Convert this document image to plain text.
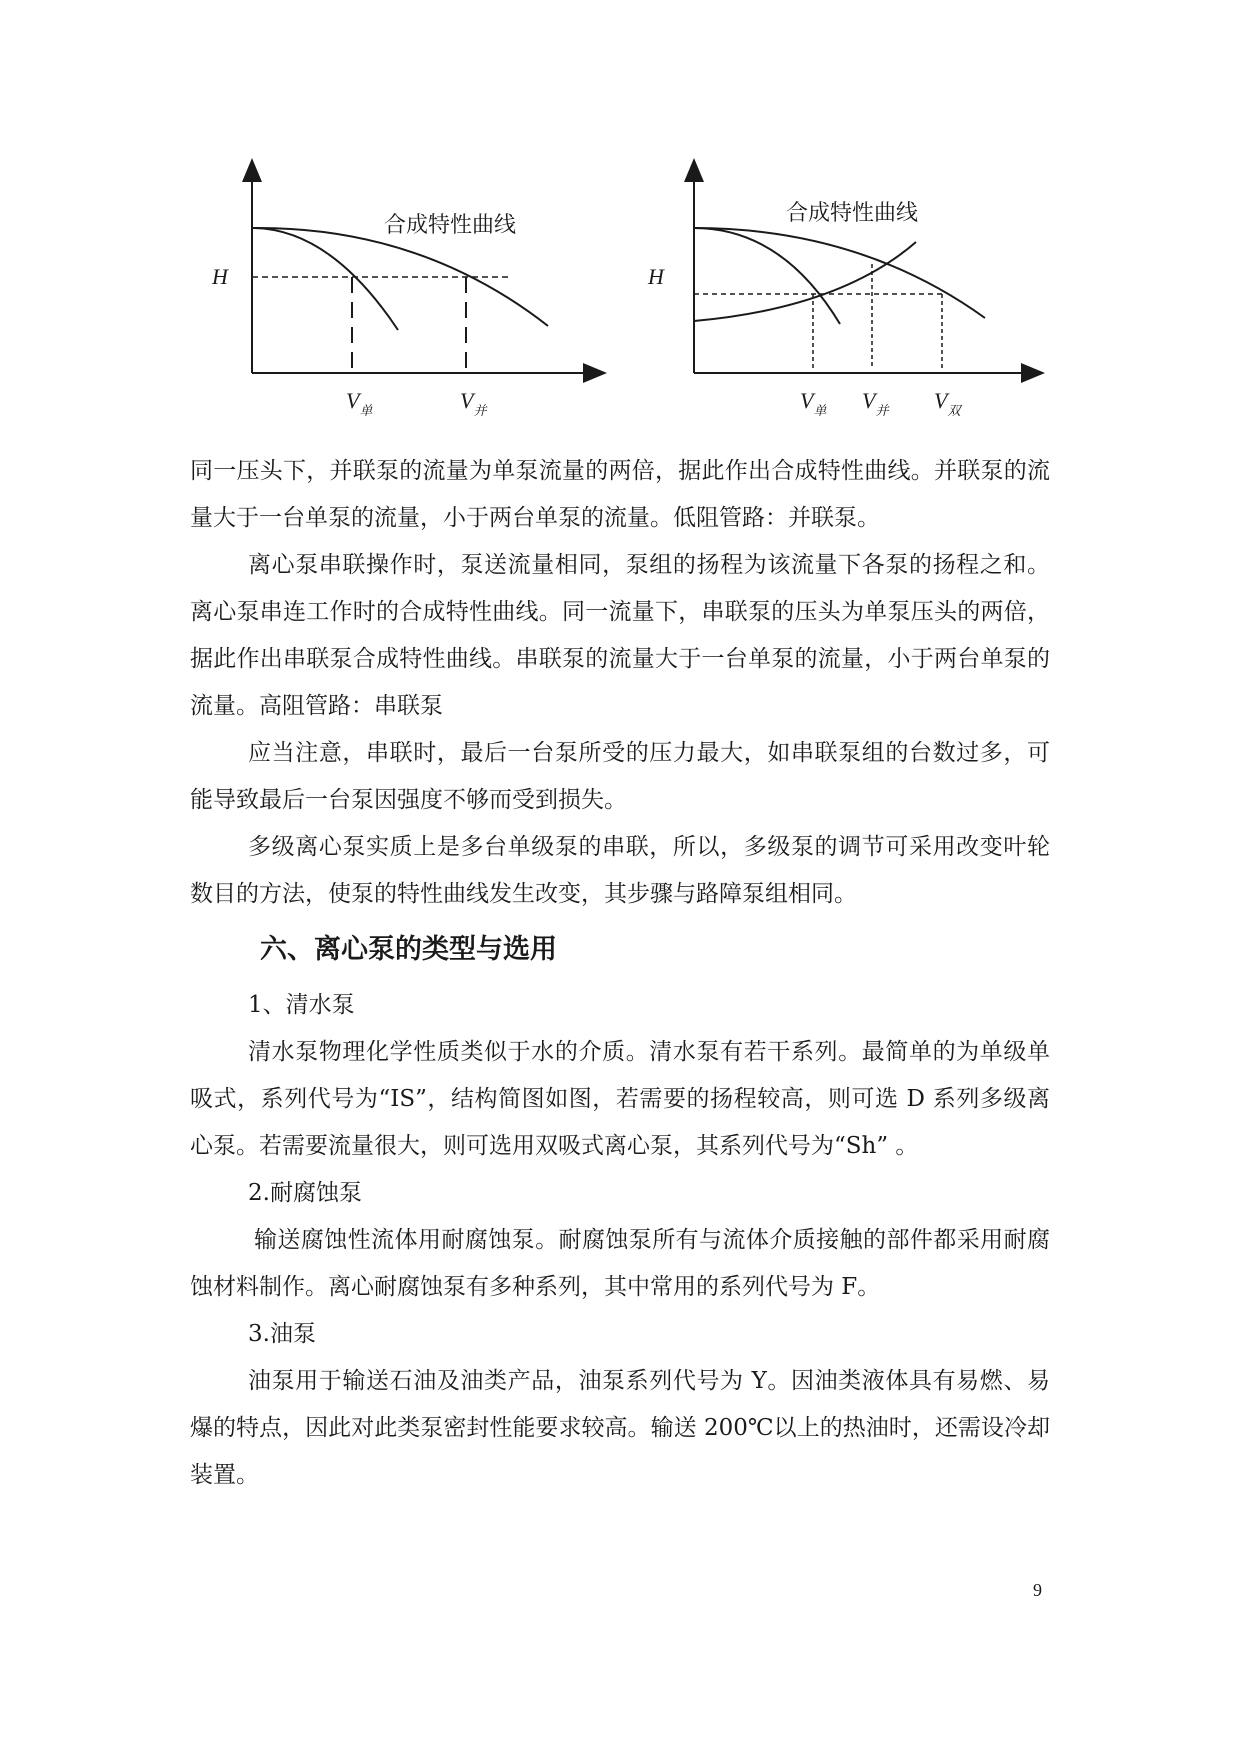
合成特性曲线
H
$V_单$	$V_并$
合成特性曲线
H
$V_单$ $V_并$ $V_双$

同一压头下，并联泵的流量为单泵流量的两倍，据此作出合成特性曲线。并联泵的流量大于一台单泵的流量，小于两台单泵的流量。低阻管路：并联泵。

离心泵串联操作时，泵送流量相同，泵组的扬程为该流量下各泵的扬程之和。离心泵串连工作时的合成特性曲线。同一流量下，串联泵的压头为单泵压头的两倍，据此作出串联泵合成特性曲线。串联泵的流量大于一台单泵的流量，小于两台单泵的流量。高阻管路：串联泵

应当注意，串联时，最后一台泵所受的压力最大，如串联泵组的台数过多，可能导致最后一台泵因强度不够而受到损失。

多级离心泵实质上是多台单级泵的串联，所以，多级泵的调节可采用改变叶轮数目的方法，使泵的特性曲线发生改变，其步骤与路障泵组相同。

六、离心泵的类型与选用

1、清水泵

清水泵物理化学性质类似于水的介质。清水泵有若干系列。最简单的为单级单吸式，系列代号为“IS”，结构简图如图，若需要的扬程较高，则可选 D 系列多级离心泵。若需要流量很大，则可选用双吸式离心泵，其系列代号为“Sh” 。

2.耐腐蚀泵

输送腐蚀性流体用耐腐蚀泵。耐腐蚀泵所有与流体介质接触的部件都采用耐腐蚀材料制作。离心耐腐蚀泵有多种系列，其中常用的系列代号为 F。

3.油泵

油泵用于输送石油及油类产品，油泵系列代号为 Y。因油类液体具有易燃、易爆的特点，因此对此类泵密封性能要求较高。输送 200℃以上的热油时，还需设冷却装置。

9
